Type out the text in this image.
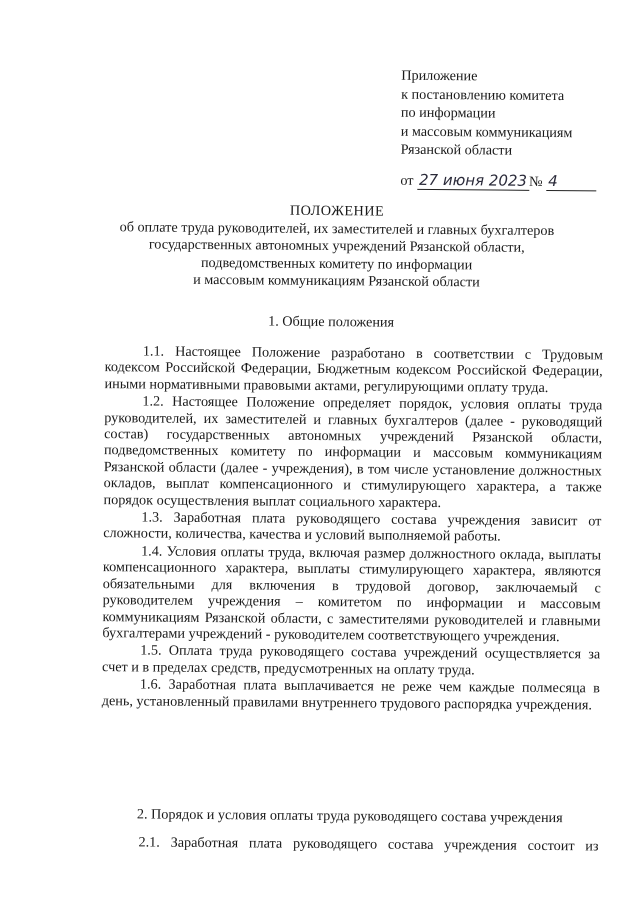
Приложение
к постановлению комитета
по информации
и массовым коммуникациям
Рязанской области
от 27 июня 2023 № 4
ПОЛОЖЕНИЕ
об оплате труда руководителей, их заместителей и главных бухгалтеров
государственных автономных учреждений Рязанской области,
подведомственных комитету по информации
и массовым коммуникациям Рязанской области
1. Общие положения

1.1. Настоящее Положение разработано в соответствии с Трудовым кодексом Российской Федерации, Бюджетным кодексом Российской Федерации, иными нормативными правовыми актами, регулирующими оплату труда.

1.2. Настоящее Положение определяет порядок, условия оплаты труда руководителей, их заместителей и главных бухгалтеров (далее - руководящий состав) государственных автономных учреждений Рязанской области, подведомственных комитету по информации и массовым коммуникациям Рязанской области (далее - учреждения), в том числе установление должностных окладов, выплат компенсационного и стимулирующего характера, а также порядок осуществления выплат социального характера.

1.3. Заработная плата руководящего состава учреждения зависит от сложности, количества, качества и условий выполняемой работы.

1.4. Условия оплаты труда, включая размер должностного оклада, выплаты компенсационного характера, выплаты стимулирующего характера, являются обязательными для включения в трудовой договор, заключаемый с руководителем учреждения – комитетом по информации и массовым коммуникациям Рязанской области, с заместителями руководителей и главными бухгалтерами учреждений - руководителем соответствующего учреждения.

1.5. Оплата труда руководящего состава учреждений осуществляется за счет и в пределах средств, предусмотренных на оплату труда.

1.6. Заработная плата выплачивается не реже чем каждые полмесяца в день, установленный правилами внутреннего трудового распорядка учреждения.

2. Порядок и условия оплаты труда руководящего состава учреждения

2.1. Заработная плата руководящего состава учреждения состоит из
